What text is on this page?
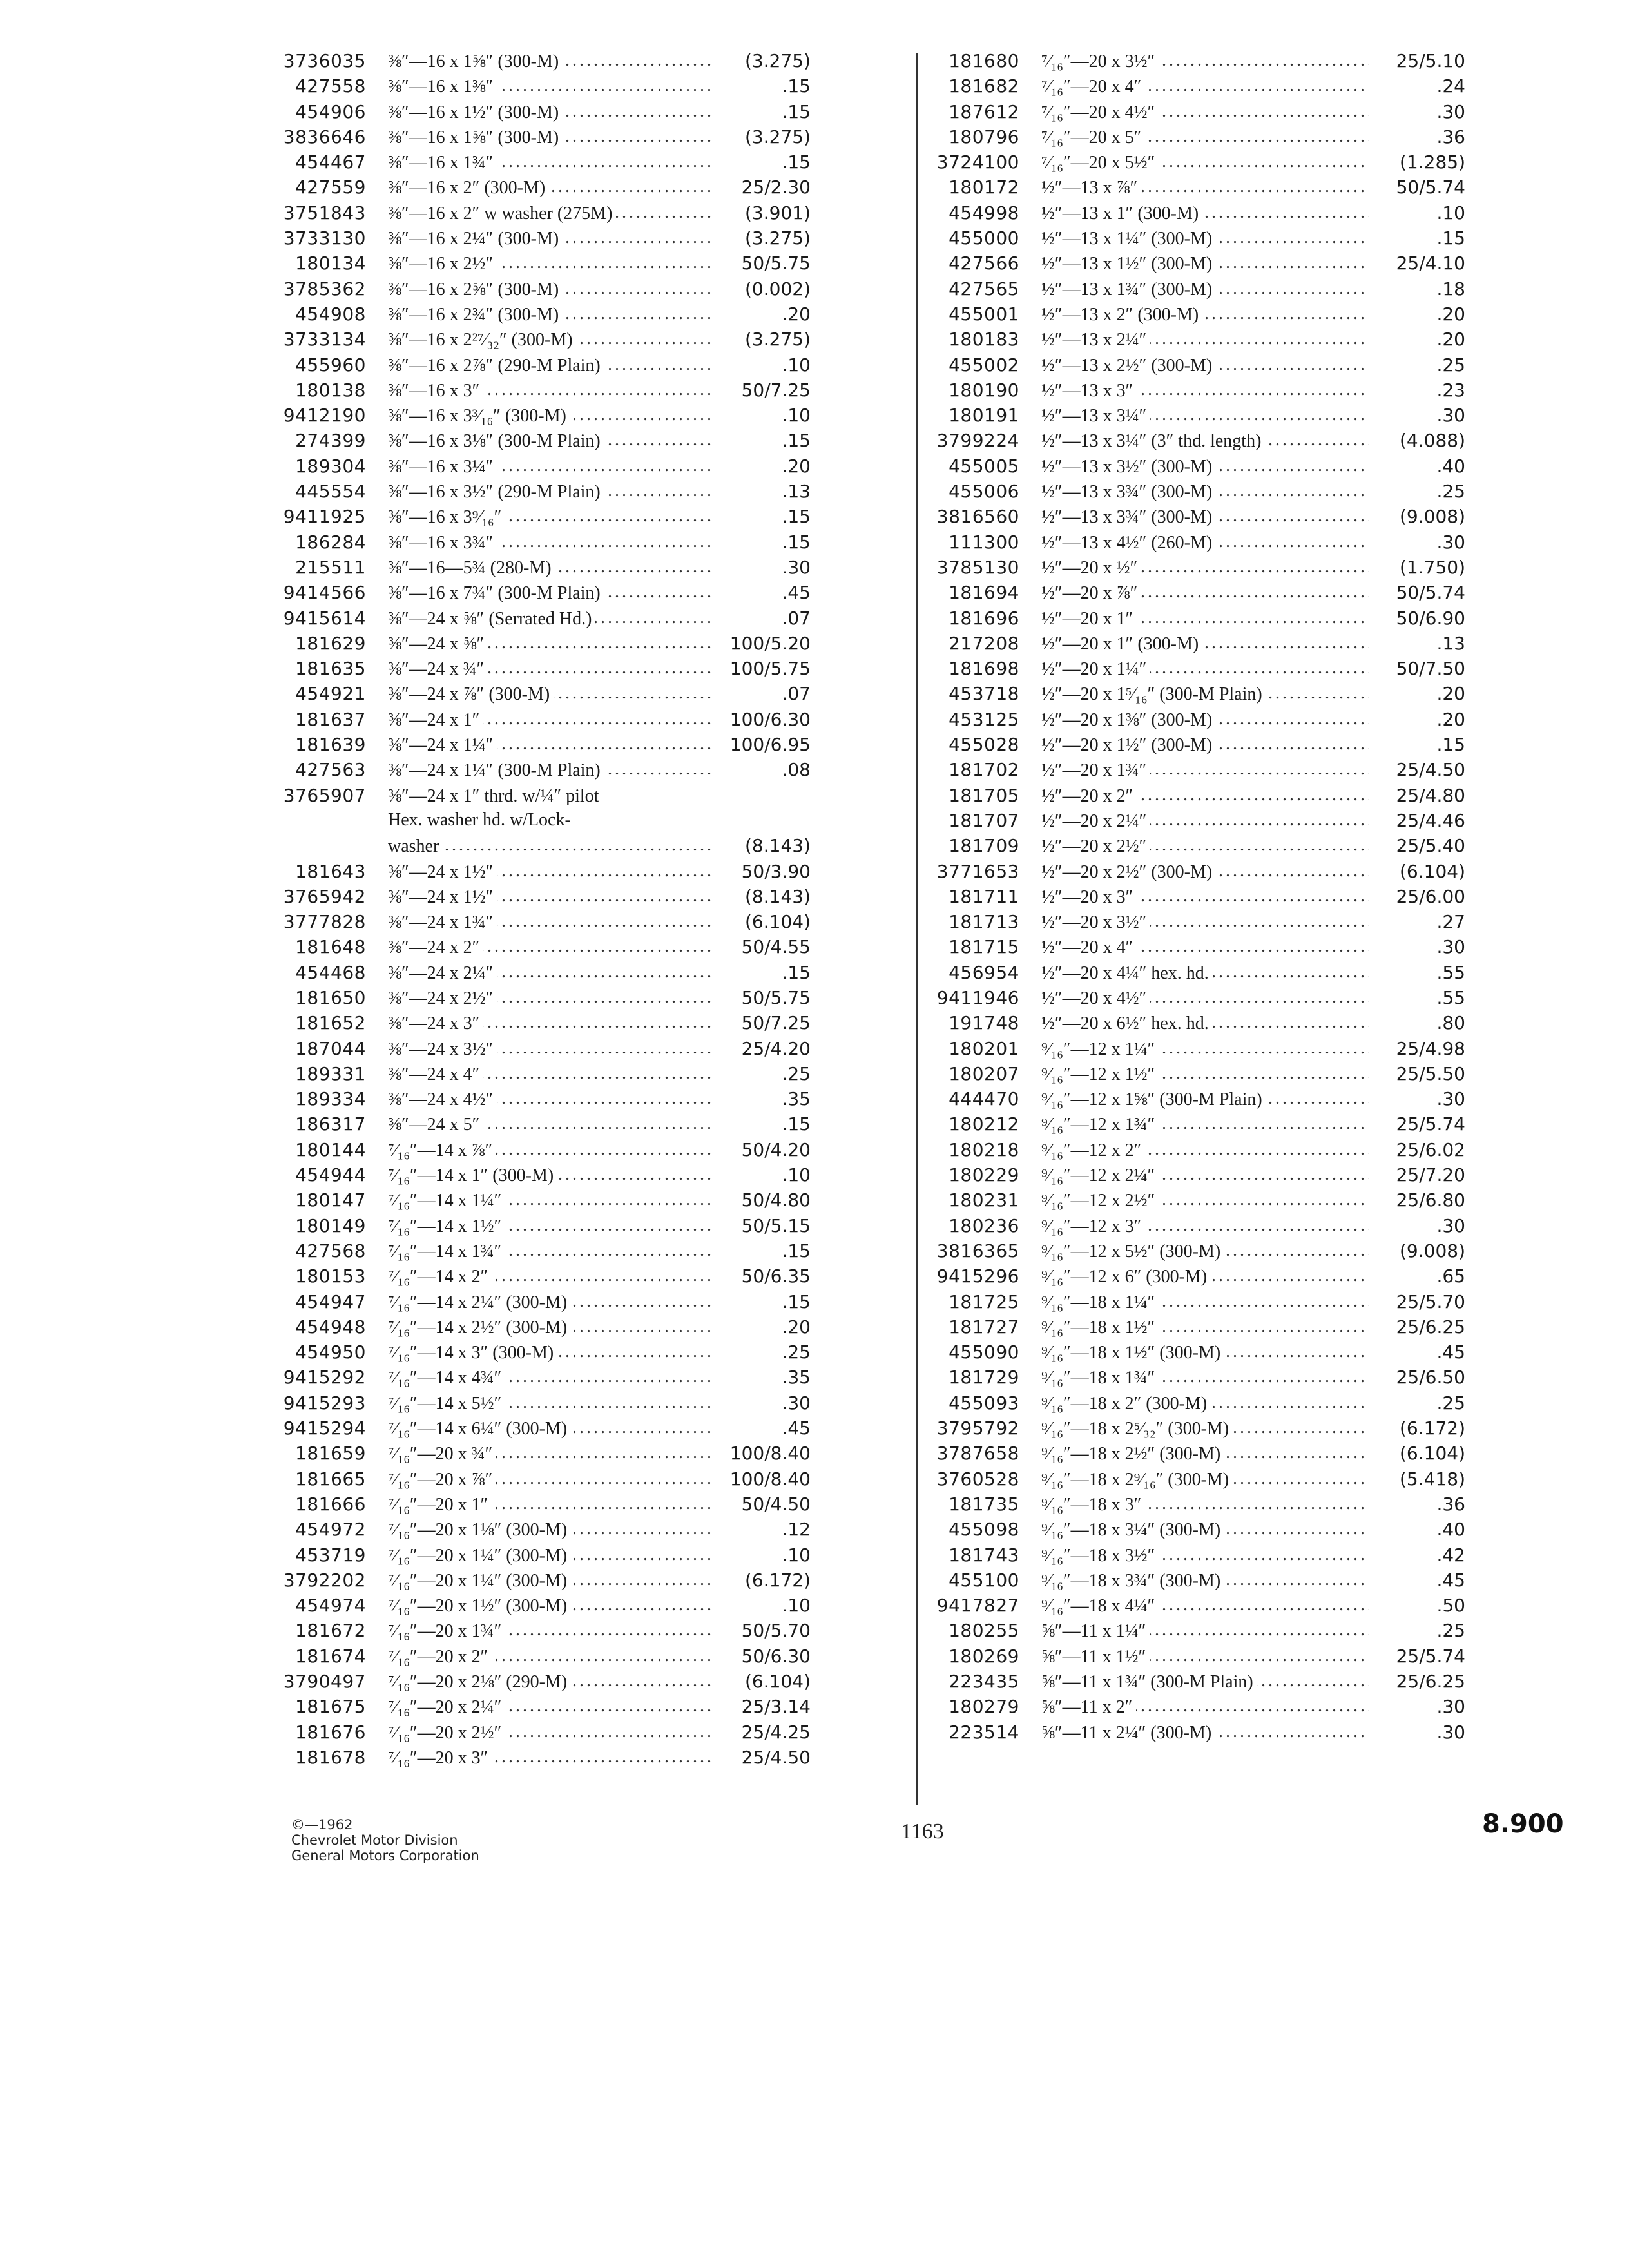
3736035 ⅜″—16 x 1⅝″ (300-M) .....	(3.275)
427558 ⅜″—16 x 1⅜″ .....	.15
454906 ⅜″—16 x 1½″ (300-M) .....	.15
3836646 ⅜″—16 x 1⅝″ (300-M) .....	(3.275)
454467 ⅜″—16 x 1¾″ .....	.15
427559 ⅜″—16 x 2″ (300-M) .....	25/2.30
3751843 ⅜″—16 x 2″ w washer (275M) .....	(3.901)
3733130 ⅜″—16 x 2¼″ (300-M) .....	(3.275)
180134 ⅜″—16 x 2½″ .....	50/5.75
3785362 ⅜″—16 x 2⅝″ (300-M) .....	(0.002)
454908 ⅜″—16 x 2¾″ (300-M) .....	.20
3733134 ⅜″—16 x 2²⁷⁄₃₂″ (300-M) .....	(3.275)
455960 ⅜″—16 x 2⅞″ (290-M Plain) .....	.10
180138 ⅜″—16 x 3″ .....	50/7.25
9412190 ⅜″—16 x 3³⁄₁₆″ (300-M) .....	.10
274399 ⅜″—16 x 3⅛″ (300-M Plain) .....	.15
189304 ⅜″—16 x 3¼″ .....	.20
445554 ⅜″—16 x 3½″ (290-M Plain) .....	.13
9411925 ⅜″—16 x 3⁹⁄₁₆″ .....	.15
186284 ⅜″—16 x 3¾″ .....	.15
215511 ⅜″—16—5¾ (280-M) .....	.30
9414566 ⅜″—16 x 7¾″ (300-M Plain) .....	.45
9415614 ⅜″—24 x ⅝″ (Serrated Hd.) .....	.07
181629 ⅜″—24 x ⅝″ .....	100/5.20
181635 ⅜″—24 x ¾″ .....	100/5.75
454921 ⅜″—24 x ⅞″ (300-M) .....	.07
181637 ⅜″—24 x 1″ .....	100/6.30
181639 ⅜″—24 x 1¼″ .....	100/6.95
427563 ⅜″—24 x 1¼″ (300-M Plain) .....	.08
3765907 ⅜″—24 x 1″ thrd. w/¼″ pilot
Hex. washer hd. w/Lock-
washer .....	(8.143)
181643 ⅜″—24 x 1½″ .....	50/3.90
3765942 ⅜″—24 x 1½″ .....	(8.143)
3777828 ⅜″—24 x 1¾″ .....	(6.104)
181648 ⅜″—24 x 2″ .....	50/4.55
454468 ⅜″—24 x 2¼″ .....	.15
181650 ⅜″—24 x 2½″ .....	50/5.75
181652 ⅜″—24 x 3″ .....	50/7.25
187044 ⅜″—24 x 3½″ .....	25/4.20
189331 ⅜″—24 x 4″ .....	.25
189334 ⅜″—24 x 4½″ .....	.35
186317 ⅜″—24 x 5″ .....	.15
180144 ⁷⁄₁₆″—14 x ⅞″ .....	50/4.20
454944 ⁷⁄₁₆″—14 x 1″ (300-M) .....	.10
180147 ⁷⁄₁₆″—14 x 1¼″ .....	50/4.80
180149 ⁷⁄₁₆″—14 x 1½″ .....	50/5.15
427568 ⁷⁄₁₆″—14 x 1¾″ .....	.15
180153 ⁷⁄₁₆″—14 x 2″ .....	50/6.35
454947 ⁷⁄₁₆″—14 x 2¼″ (300-M) .....	.15
454948 ⁷⁄₁₆″—14 x 2½″ (300-M) .....	.20
454950 ⁷⁄₁₆″—14 x 3″ (300-M) .....	.25
9415292 ⁷⁄₁₆″—14 x 4¾″ .....	.35
9415293 ⁷⁄₁₆″—14 x 5½″ .....	.30
9415294 ⁷⁄₁₆″—14 x 6¼″ (300-M) .....	.45
181659 ⁷⁄₁₆″—20 x ¾″ .....	100/8.40
181665 ⁷⁄₁₆″—20 x ⅞″ .....	100/8.40
181666 ⁷⁄₁₆″—20 x 1″ .....	50/4.50
454972 ⁷⁄₁₆″—20 x 1⅛″ (300-M) .....	.12
453719 ⁷⁄₁₆″—20 x 1¼″ (300-M) .....	.10
3792202 ⁷⁄₁₆″—20 x 1¼″ (300-M) .....	(6.172)
454974 ⁷⁄₁₆″—20 x 1½″ (300-M) .....	.10
181672 ⁷⁄₁₆″—20 x 1¾″ .....	50/5.70
181674 ⁷⁄₁₆″—20 x 2″ .....	50/6.30
3790497 ⁷⁄₁₆″—20 x 2⅛″ (290-M) .....	(6.104)
181675 ⁷⁄₁₆″—20 x 2¼″ .....	25/3.14
181676 ⁷⁄₁₆″—20 x 2½″ .....	25/4.25
181678 ⁷⁄₁₆″—20 x 3″ .....	25/4.50
181680 ⁷⁄₁₆″—20 x 3½″ .....	25/5.10
181682 ⁷⁄₁₆″—20 x 4″ .....	.24
187612 ⁷⁄₁₆″—20 x 4½″ .....	.30
180796 ⁷⁄₁₆″—20 x 5″ .....	.36
3724100 ⁷⁄₁₆″—20 x 5½″ .....	(1.285)
180172 ½″—13 x ⅞″ .....	50/5.74
454998 ½″—13 x 1″ (300-M) .....	.10
455000 ½″—13 x 1¼″ (300-M) .....	.15
427566 ½″—13 x 1½″ (300-M) .....	25/4.10
427565 ½″—13 x 1¾″ (300-M) .....	.18
455001 ½″—13 x 2″ (300-M) .....	.20
180183 ½″—13 x 2¼″ .....	.20
455002 ½″—13 x 2½″ (300-M) .....	.25
180190 ½″—13 x 3″ .....	.23
180191 ½″—13 x 3¼″ .....	.30
3799224 ½″—13 x 3¼″ (3″ thd. length) .....	(4.088)
455005 ½″—13 x 3½″ (300-M) .....	.40
455006 ½″—13 x 3¾″ (300-M) .....	.25
3816560 ½″—13 x 3¾″ (300-M) .....	(9.008)
111300 ½″—13 x 4½″ (260-M) .....	.30
3785130 ½″—20 x ½″ .....	(1.750)
181694 ½″—20 x ⅞″ .....	50/5.74
181696 ½″—20 x 1″ .....	50/6.90
217208 ½″—20 x 1″ (300-M) .....	.13
181698 ½″—20 x 1¼″ .....	50/7.50
453718 ½″—20 x 1⁵⁄₁₆″ (300-M Plain) .....	.20
453125 ½″—20 x 1⅜″ (300-M) .....	.20
455028 ½″—20 x 1½″ (300-M) .....	.15
181702 ½″—20 x 1¾″ .....	25/4.50
181705 ½″—20 x 2″ .....	25/4.80
181707 ½″—20 x 2¼″ .....	25/4.46
181709 ½″—20 x 2½″ .....	25/5.40
3771653 ½″—20 x 2½″ (300-M) .....	(6.104)
181711 ½″—20 x 3″ .....	25/6.00
181713 ½″—20 x 3½″ .....	.27
181715 ½″—20 x 4″ .....	.30
456954 ½″—20 x 4¼″ hex. hd. .....	.55
9411946 ½″—20 x 4½″ .....	.55
191748 ½″—20 x 6½″ hex. hd. .....	.80
180201 ⁹⁄₁₆″—12 x 1¼″ .....	25/4.98
180207 ⁹⁄₁₆″—12 x 1½″ .....	25/5.50
444470 ⁹⁄₁₆″—12 x 1⅝″ (300-M Plain) .....	.30
180212 ⁹⁄₁₆″—12 x 1¾″ .....	25/5.74
180218 ⁹⁄₁₆″—12 x 2″ .....	25/6.02
180229 ⁹⁄₁₆″—12 x 2¼″ .....	25/7.20
180231 ⁹⁄₁₆″—12 x 2½″ .....	25/6.80
180236 ⁹⁄₁₆″—12 x 3″ .....	.30
3816365 ⁹⁄₁₆″—12 x 5½″ (300-M) .....	(9.008)
9415296 ⁹⁄₁₆″—12 x 6″ (300-M) .....	.65
181725 ⁹⁄₁₆″—18 x 1¼″ .....	25/5.70
181727 ⁹⁄₁₆″—18 x 1½″ .....	25/6.25
455090 ⁹⁄₁₆″—18 x 1½″ (300-M) .....	.45
181729 ⁹⁄₁₆″—18 x 1¾″ .....	25/6.50
455093 ⁹⁄₁₆″—18 x 2″ (300-M) .....	.25
3795792 ⁹⁄₁₆″—18 x 2⁵⁄₃₂″ (300-M) .....	(6.172)
3787658 ⁹⁄₁₆″—18 x 2½″ (300-M) .....	(6.104)
3760528 ⁹⁄₁₆″—18 x 2⁹⁄₁₆″ (300-M) .....	(5.418)
181735 ⁹⁄₁₆″—18 x 3″ .....	.36
455098 ⁹⁄₁₆″—18 x 3¼″ (300-M) .....	.40
181743 ⁹⁄₁₆″—18 x 3½″ .....	.42
455100 ⁹⁄₁₆″—18 x 3¾″ (300-M) .....	.45
9417827 ⁹⁄₁₆″—18 x 4¼″ .....	.50
180255 ⅝″—11 x 1¼″ .....	.25
180269 ⅝″—11 x 1½″ .....	25/5.74
223435 ⅝″—11 x 1¾″ (300-M Plain) .....	25/6.25
180279 ⅝″—11 x 2″ .....	.30
223514 ⅝″—11 x 2¼″ (300-M) .....	.30
©—1962
Chevrolet Motor Division
General Motors Corporation
1163	8.900
